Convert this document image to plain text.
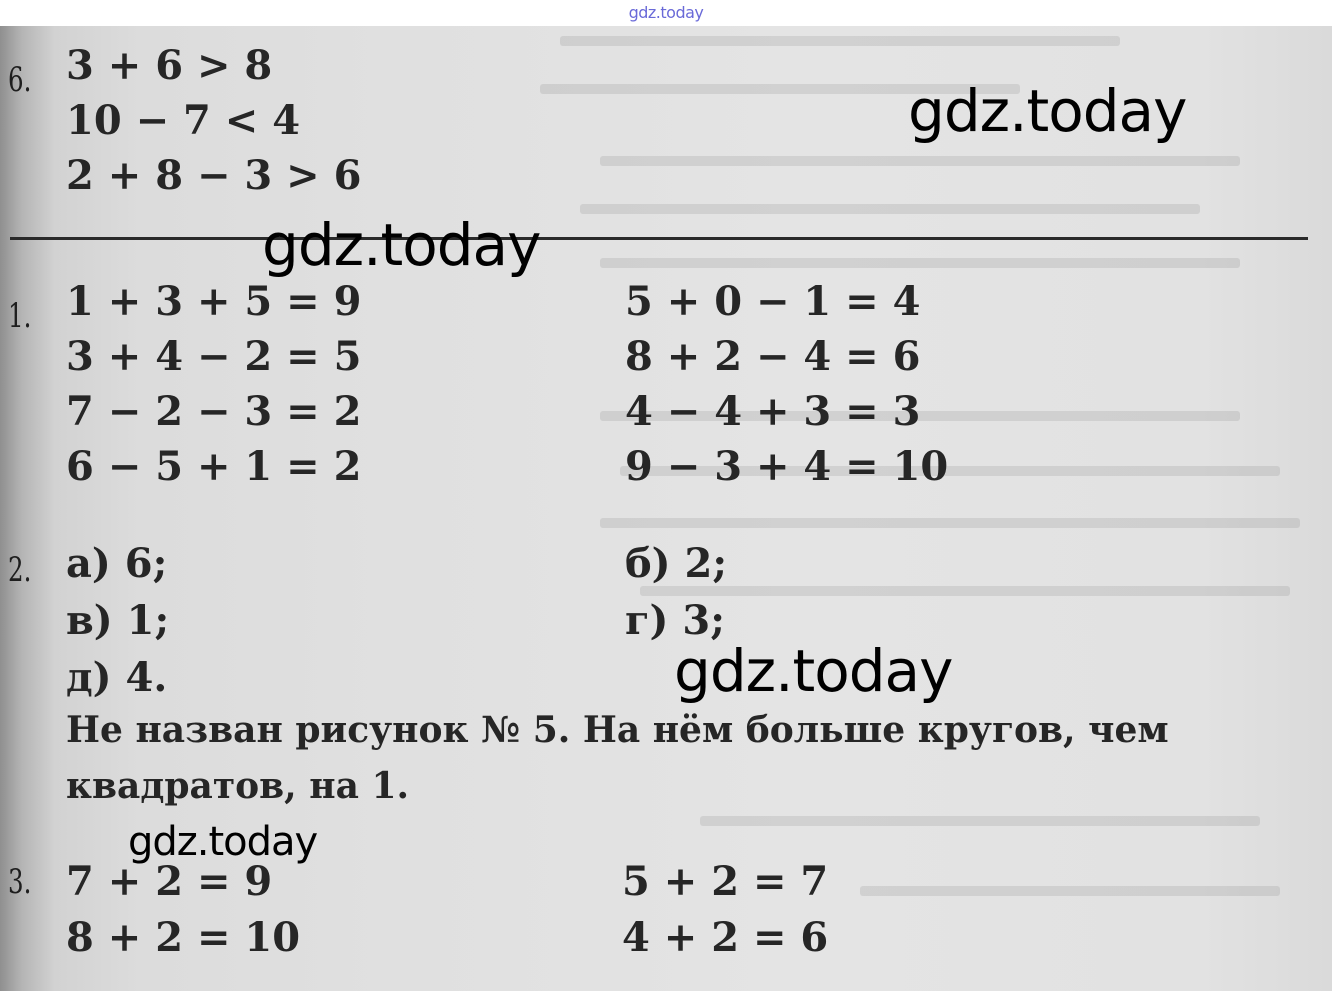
gdz.today
6. 3 + 6 > 8
10 − 7 < 4
2 + 8 − 3 > 6
1. 1 + 3 + 5 = 9
3 + 4 − 2 = 5
7 − 2 − 3 = 2
6 − 5 + 1 = 2
5 + 0 − 1 = 4
8 + 2 − 4 = 6
4 − 4 + 3 = 3
9 − 3 + 4 = 10
2. а) 6;
в) 1;
д) 4.
б) 2;
г) 3;
Не назван рисунок № 5. На нём больше кругов, чем
квадратов, на 1.
3. 7 + 2 = 9
8 + 2 = 10
5 + 2 = 7
4 + 2 = 6
gdz.today
gdz.today
gdz.today
gdz.today
